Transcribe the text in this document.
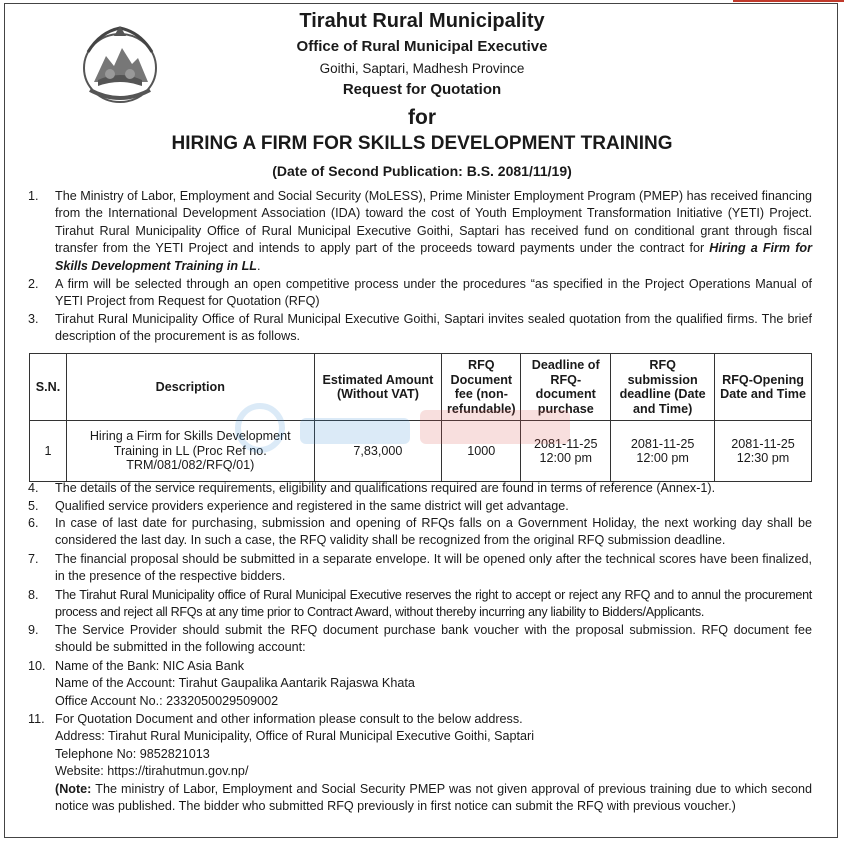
Tirahut Rural Municipality
Office of Rural Municipal Executive
Goithi, Saptari, Madhesh Province
Request for Quotation
for
HIRING A FIRM FOR SKILLS DEVELOPMENT TRAINING
(Date of Second Publication: B.S. 2081/11/19)
1.	The Ministry of Labor, Employment and Social Security (MoLESS), Prime Minister Employment Program (PMEP) has received financing from the International Development Association (IDA) toward the cost of Youth Employment Transformation Initiative (YETI) Project. Tirahut Rural Municipality Office of Rural Municipal Executive Goithi, Saptari has received fund on conditional grant through fiscal transfer from the YETI Project and intends to apply part of the proceeds toward payments under the contract for Hiring a Firm for Skills Development Training in LL.
2.	A firm will be selected through an open competitive process under the procedures “as specified in the Project Operations Manual of YETI Project from Request for Quotation (RFQ)
3.	Tirahut Rural Municipality Office of Rural Municipal Executive Goithi, Saptari invites sealed quotation from the qualified firms. The brief description of the procurement is as follows.
S.N.	Description	Estimated Amount (Without VAT)	RFQ Document fee (non-refundable)	Deadline of RFQ-document purchase	RFQ submission deadline (Date and Time)	RFQ-Opening Date and Time
1	Hiring a Firm for Skills Development Training in LL (Proc Ref no. TRM/081/082/RFQ/01)	7,83,000	1000	2081-11-25 12:00 pm	2081-11-25 12:00 pm	2081-11-25 12:30 pm
4.	The details of the service requirements, eligibility and qualifications required are found in terms of reference (Annex-1).
5.	Qualified service providers experience and registered in the same district will get advantage.
6.	In case of last date for purchasing, submission and opening of RFQs falls on a Government Holiday, the next working day shall be considered the last day. In such a case, the RFQ validity shall be recognized from the original RFQ submission deadline.
7.	The financial proposal should be submitted in a separate envelope. It will be opened only after the technical scores have been finalized, in the presence of the respective bidders.
8.	The Tirahut Rural Municipality office of Rural Municipal Executive reserves the right to accept or reject any RFQ and to annul the procurement process and reject all RFQs at any time prior to Contract Award, without thereby incurring any liability to Bidders/Applicants.
9.	The Service Provider should submit the RFQ document purchase bank voucher with the proposal submission. RFQ document fee should be submitted in the following account:
10. Name of the Bank: NIC Asia Bank
Name of the Account: Tirahut Gaupalika Aantarik Rajaswa Khata
Office Account No.: 2332050029509002
11. For Quotation Document and other information please consult to the below address.
Address: Tirahut Rural Municipality, Office of Rural Municipal Executive Goithi, Saptari
Telephone No: 9852821013
Website: https://tirahutmun.gov.np/
(Note: The ministry of Labor, Employment and Social Security PMEP was not given approval of previous training due to which second notice was published. The bidder who submitted RFQ previously in first notice can submit the RFQ with previous voucher.)
